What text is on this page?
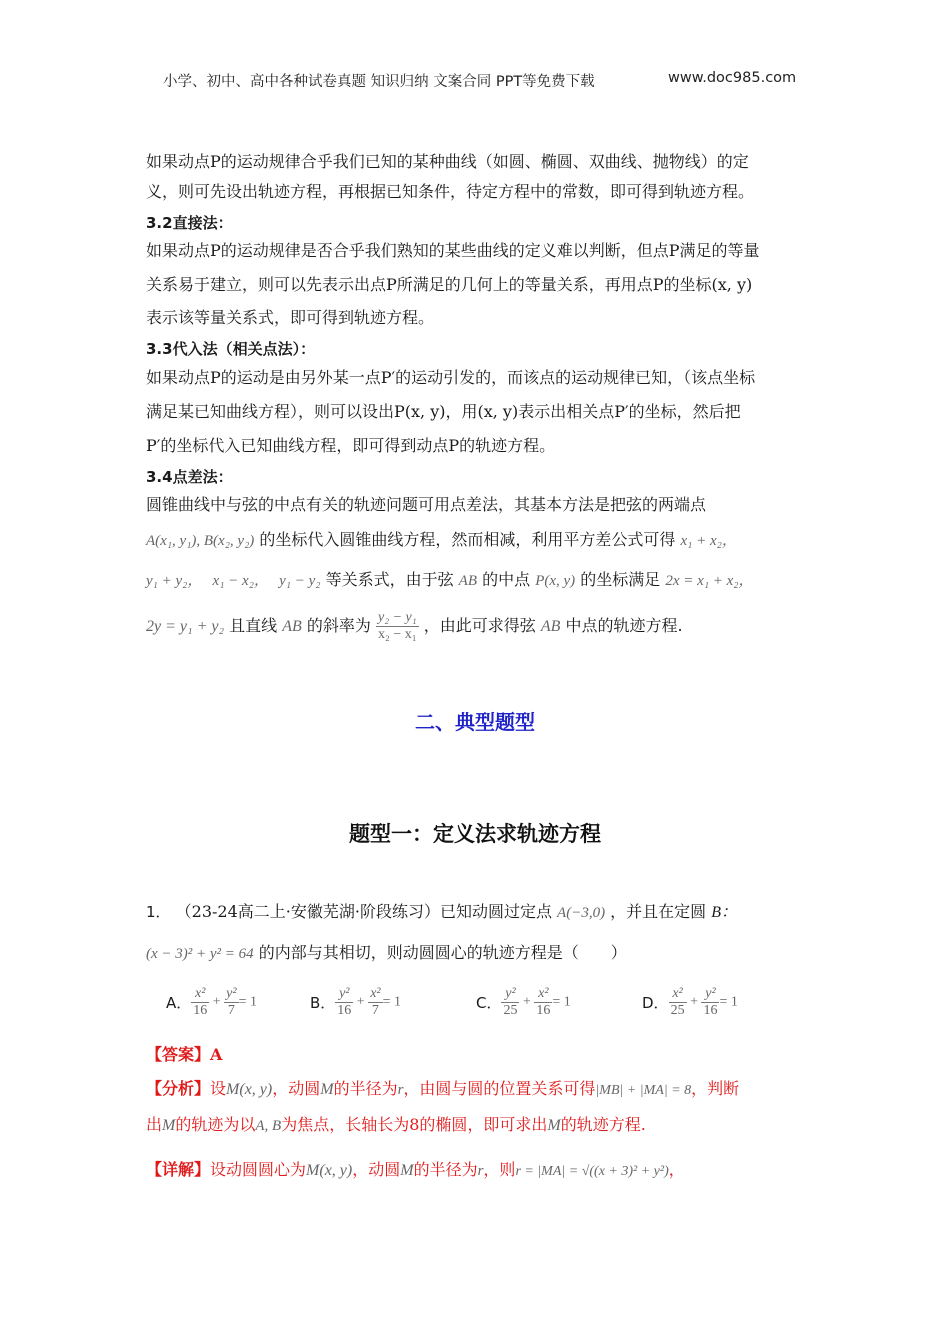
小学、初中、高中各种试卷真题 知识归纳 文案合同 PPT等免费下载	www.doc985.com
如果动点P的运动规律合乎我们已知的某种曲线（如圆、椭圆、双曲线、抛物线）的定
义，则可先设出轨迹方程，再根据已知条件，待定方程中的常数，即可得到轨迹方程。
3.2直接法：
如果动点P的运动规律是否合乎我们熟知的某些曲线的定义难以判断，但点P满足的等量
关系易于建立，则可以先表示出点P所满足的几何上的等量关系，再用点P的坐标(x, y)
表示该等量关系式，即可得到轨迹方程。
3.3代入法（相关点法）：
如果动点P的运动是由另外某一点P′的运动引发的，而该点的运动规律已知，（该点坐标
满足某已知曲线方程），则可以设出P(x, y)，用(x, y)表示出相关点P′的坐标，然后把
P′的坐标代入已知曲线方程，即可得到动点P的轨迹方程。
3.4点差法：
圆锥曲线中与弦的中点有关的轨迹问题可用点差法，其基本方法是把弦的两端点
A(x₁, y₁), B(x₂, y₂) 的坐标代入圆锥曲线方程，然而相减，利用平方差公式可得 x₁ + x₂，
y₁ + y₂， x₁ − x₂， y₁ − y₂ 等关系式，由于弦 AB 的中点 P(x, y) 的坐标满足 2x = x₁ + x₂，
2y = y₁ + y₂ 且直线 AB 的斜率为 $\frac{\text{y₂ − y₁}}{\text{x₂ − x₁}}$ ，由此可求得弦 AB 中点的轨迹方程.
二、典型题型
题型一：定义法求轨迹方程
1． （23-24高二上·安徽芜湖·阶段练习）已知动圆过定点 A(−3,0) ，并且在定圆 B：
(x − 3)² + y² = 64 的内部与其相切，则动圆圆心的轨迹方程是（　　）
A． $\frac{\text{x²}}{16} + \frac{\text{y²}}{7} = 1$	B． $\frac{\text{y²}}{16} + \frac{\text{x²}}{7} = 1$	C． $\frac{\text{y²}}{25} + \frac{\text{x²}}{16} = 1$	D． $\frac{\text{x²}}{25} + \frac{\text{y²}}{16} = 1$
【答案】A
【分析】设M(x, y)，动圆M的半径为r，由圆与圆的位置关系可得|MB| + |MA| = 8，判断
出M的轨迹为以A, B为焦点，长轴长为8的椭圆，即可求出M的轨迹方程.
【详解】设动圆圆心为M(x, y)，动圆M的半径为r，则r = |MA| = √((x + 3)² + y²)，
